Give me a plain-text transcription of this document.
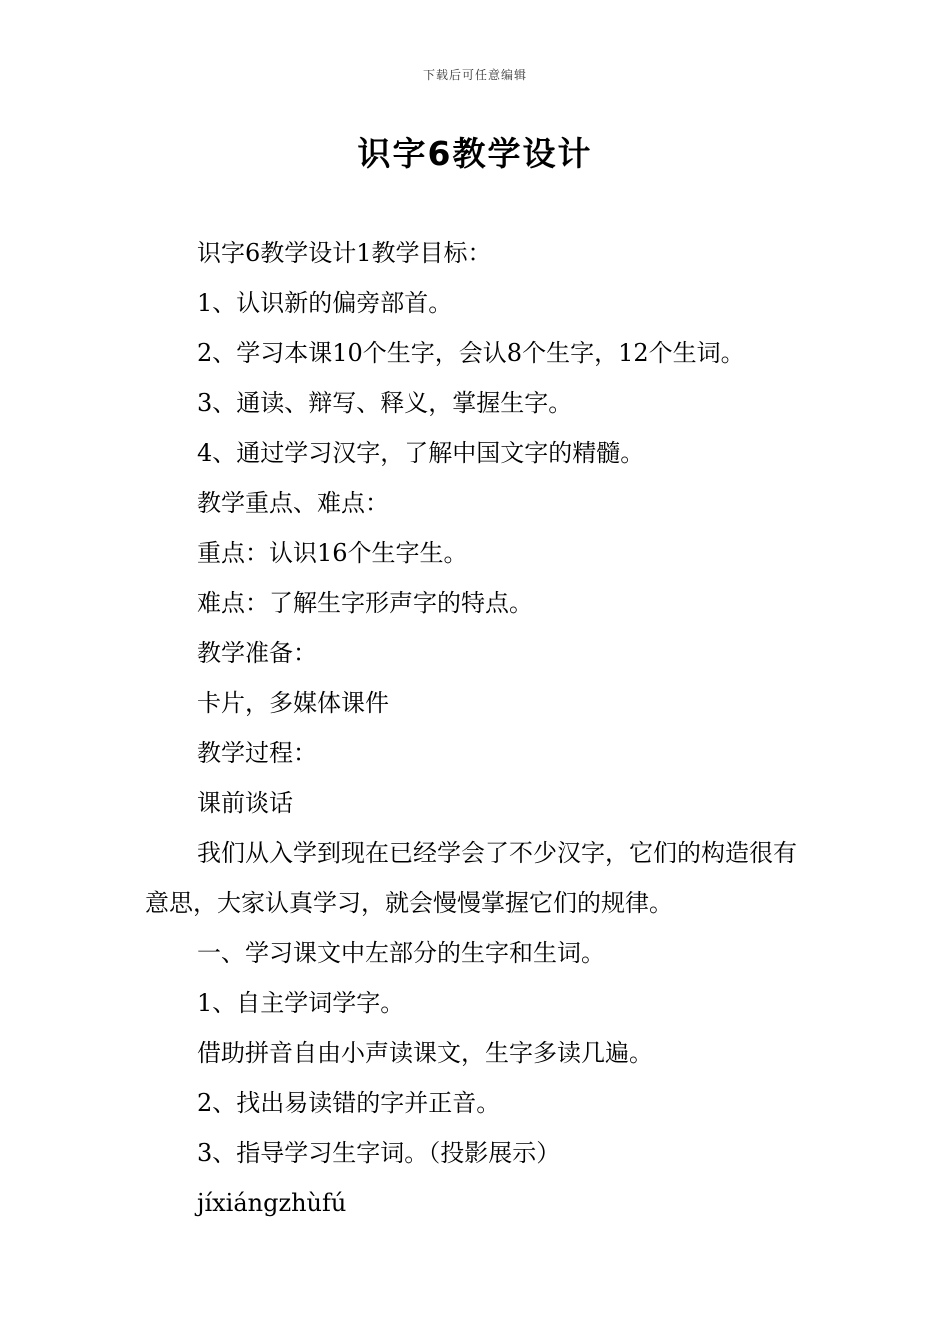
下载后可任意编辑
识字6教学设计

识字6教学设计1教学目标：

1、认识新的偏旁部首。

2、学习本课10个生字，会认8个生字，12个生词。

3、通读、辩写、释义，掌握生字。

4、通过学习汉字，了解中国文字的精髓。

教学重点、难点：

重点：认识16个生字生。

难点：了解生字形声字的特点。

教学准备：

卡片，多媒体课件

教学过程：

课前谈话

我们从入学到现在已经学会了不少汉字，它们的构造很有意思，大家认真学习，就会慢慢掌握它们的规律。

一、学习课文中左部分的生字和生词。

1、自主学词学字。

借助拼音自由小声读课文，生字多读几遍。

2、找出易读错的字并正音。

3、指导学习生字词。（投影展示）

jíxiángzhùfú
